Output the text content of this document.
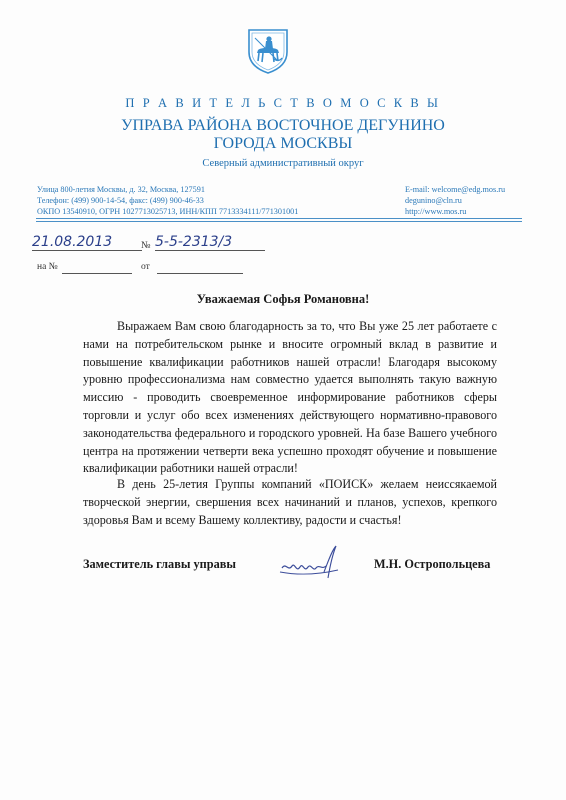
П Р А В И Т Е Л Ь С Т В О М О С К В Ы
УПРАВА РАЙОНА ВОСТОЧНОЕ ДЕГУНИНО
ГОРОДА МОСКВЫ
Северный административный округ
Улица 800-летия Москвы, д. 32, Москва, 127591
Телефон: (499) 900-14-54, факс: (499) 900-46-33
ОКПО 13540910, ОГРН 1027713025713, ИНН/КПП 7713334111/771301001
E-mail: welcome@edg.mos.ru
degunino@cln.ru
http://www.mos.ru
21.08.2013	№ 5-5-2313/3
на №	от
Уважаемая Софья Романовна!
Выражаем Вам свою благодарность за то, что Вы уже 25 лет работаете с нами на потребительском рынке и вносите огромный вклад в развитие и повышение квалификации работников нашей отрасли! Благодаря высокому уровню профессионализма нам совместно удается выполнять такую важную миссию - проводить своевременное информирование работников сферы торговли и услуг обо всех изменениях действующего нормативно-правового законодательства федерального и городского уровней. На базе Вашего учебного центра на протяжении четверти века успешно проходят обучение и повышение квалификации работники нашей отрасли!
В день 25-летия Группы компаний «ПОИСК» желаем неиссякаемой творческой энергии, свершения всех начинаний и планов, успехов, крепкого здоровья Вам и всему Вашему коллективу, радости и счастья!
Заместитель главы управы	М.Н. Остропольцева
